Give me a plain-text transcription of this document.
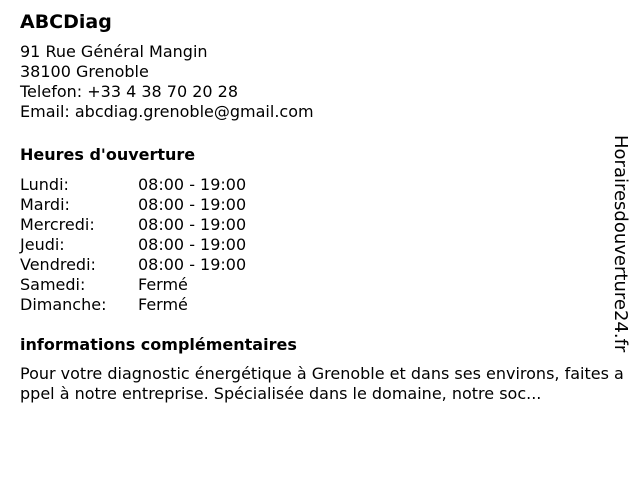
ABCDiag
91 Rue Général Mangin
38100 Grenoble
Telefon: +33 4 38 70 20 28
Email: abcdiag.grenoble@gmail.com
Heures d'ouverture
Lundi:	08:00 - 19:00
Mardi:	08:00 - 19:00
Mercredi:	08:00 - 19:00
Jeudi:	08:00 - 19:00
Vendredi:	08:00 - 19:00
Samedi:	Fermé
Dimanche:	Fermé
informations complémentaires
Pour votre diagnostic énergétique à Grenoble et dans ses environs, faites appel à notre entreprise. Spécialisée dans le domaine, notre soc...
Horairesdouverture24.fr
